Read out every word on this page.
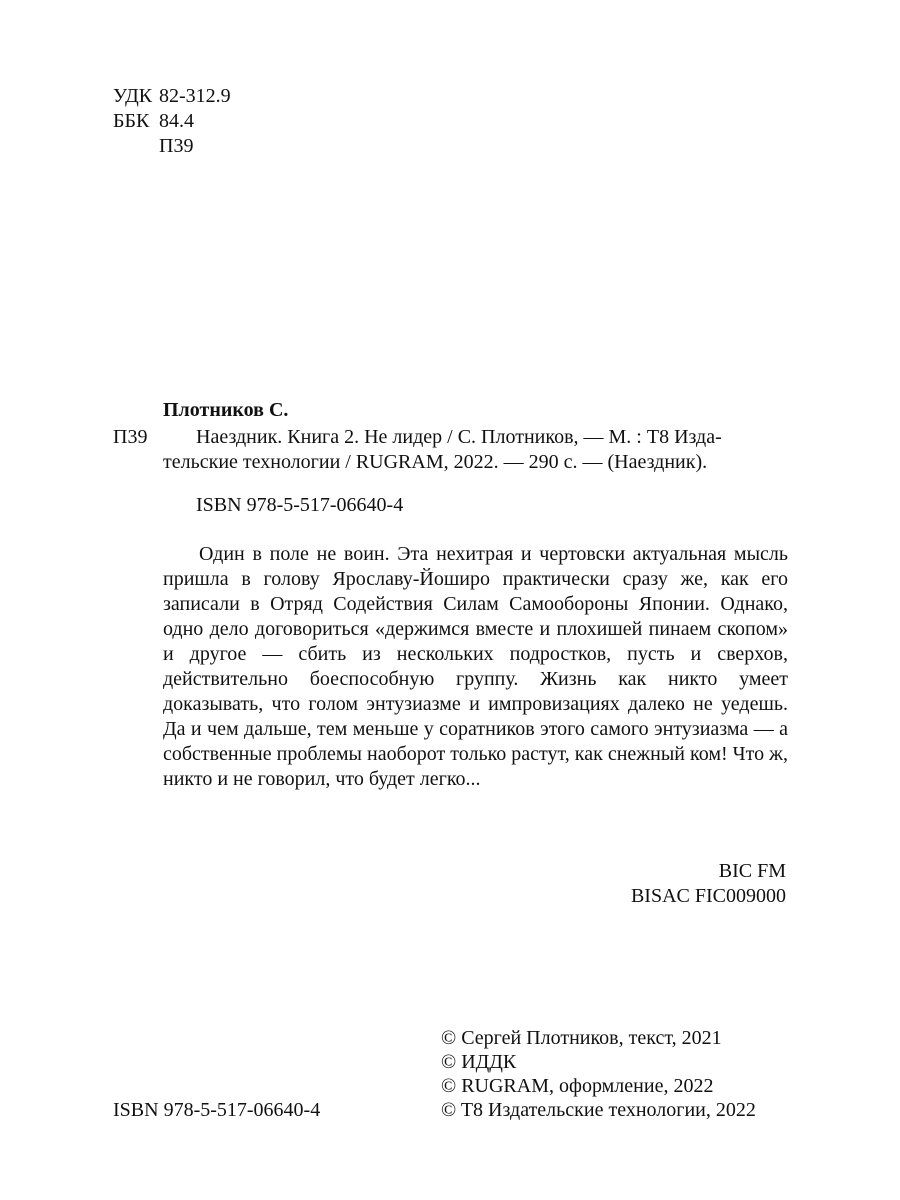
УДК 82-312.9
ББК 84.4
П39
Плотников С.
П39 Наездник. Книга 2. Не лидер / С. Плотников, — М. : T8 Изда-
тельские технологии / RUGRAM, 2022. — 290 с. — (Наездник).
ISBN 978-5-517-06640-4
Один в поле не воин. Эта нехитрая и чертовски актуальная мысль пришла в голову Ярославу-Йоширо практически сразу же, как его записали в Отряд Содействия Силам Самообороны Японии. Однако, одно дело договориться «держимся вместе и плохишей пинаем скопом» и другое — сбить из нескольких подростков, пусть и сверхов, действительно боеспособную группу. Жизнь как никто умеет доказывать, что голом энтузиазме и импровизациях далеко не уедешь. Да и чем дальше, тем меньше у соратников этого самого энтузиазма — а собственные проблемы наоборот только растут, как снежный ком! Что ж, никто и не говорил, что будет легко...
BIC FM
BISAC FIC009000
ISBN 978-5-517-06640-4
© Сергей Плотников, текст, 2021
© ИДДК
© RUGRAM, оформление, 2022
© T8 Издательские технологии, 2022
